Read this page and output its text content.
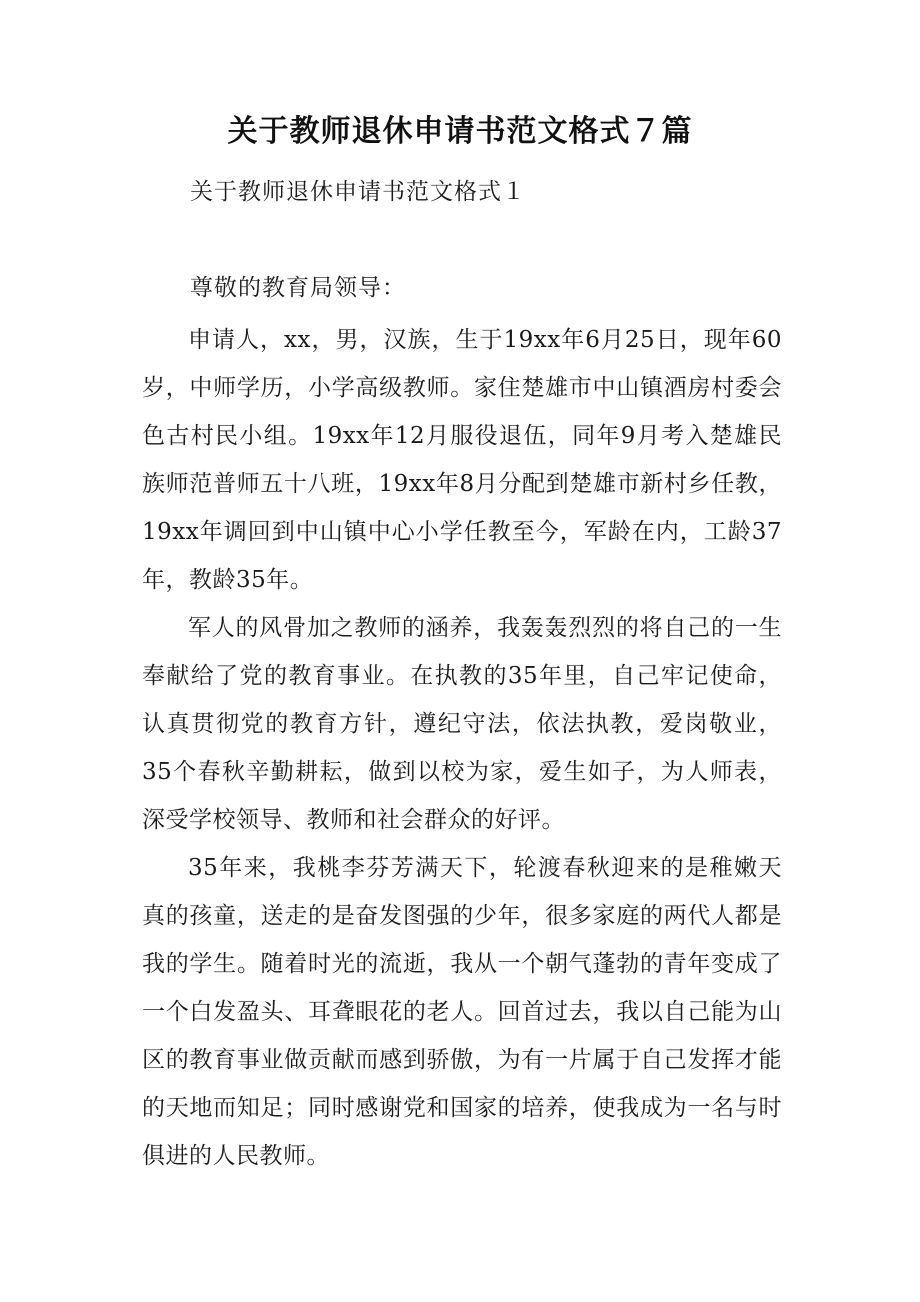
关于教师退休申请书范文格式７篇

关于教师退休申请书范文格式１

尊敬的教育局领导：

申请人，xx，男，汉族，生于19xx年6月25日，现年60岁，中师学历，小学高级教师。家住楚雄市中山镇酒房村委会色古村民小组。19xx年12月服役退伍，同年9月考入楚雄民族师范普师五十八班，19xx年8月分配到楚雄市新村乡任教，19xx年调回到中山镇中心小学任教至今，军龄在内，工龄37年，教龄35年。

军人的风骨加之教师的涵养，我轰轰烈烈的将自己的一生奉献给了党的教育事业。在执教的35年里，自己牢记使命，认真贯彻党的教育方针，遵纪守法，依法执教，爱岗敬业，35个春秋辛勤耕耘，做到以校为家，爱生如子，为人师表，深受学校领导、教师和社会群众的好评。

35年来，我桃李芬芳满天下，轮渡春秋迎来的是稚嫩天真的孩童，送走的是奋发图强的少年，很多家庭的两代人都是我的学生。随着时光的流逝，我从一个朝气蓬勃的青年变成了一个白发盈头、耳聋眼花的老人。回首过去，我以自己能为山区的教育事业做贡献而感到骄傲，为有一片属于自己发挥才能的天地而知足；同时感谢党和国家的培养，使我成为一名与时俱进的人民教师。
